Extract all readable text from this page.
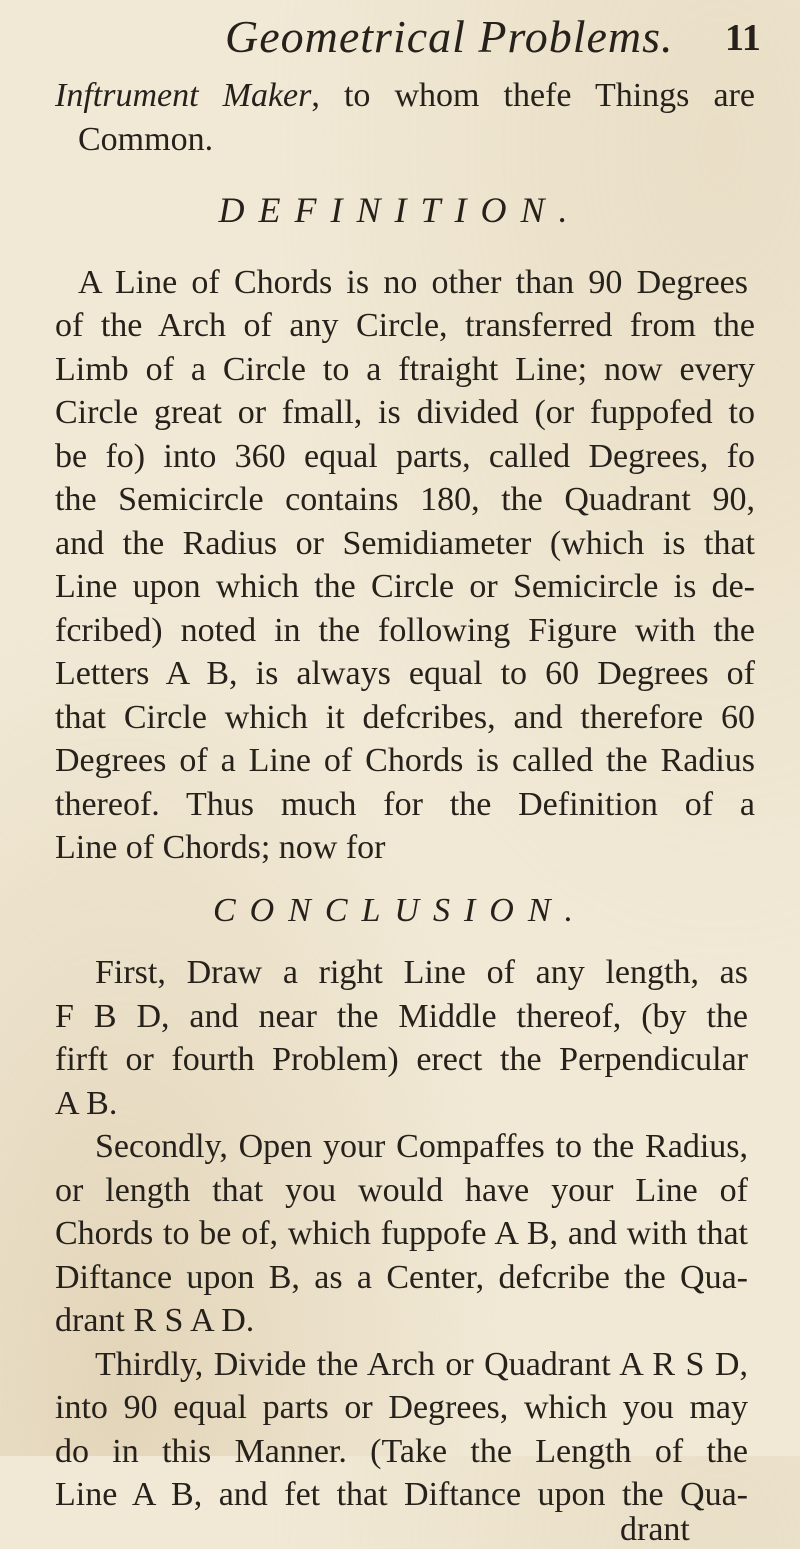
Geometrical Problems. 11
Inftrument Maker, to whom thefe Things are
Common.
DEFINITION.
A Line of Chords is no other than 90 Degrees
of the Arch of any Circle, transferred from the
Limb of a Circle to a ftraight Line; now every
Circle great or fmall, is divided (or fuppofed to
be fo) into 360 equal parts, called Degrees, fo
the Semicircle contains 180, the Quadrant 90,
and the Radius or Semidiameter (which is that
Line upon which the Circle or Semicircle is de-
fcribed) noted in the following Figure with the
Letters A B, is always equal to 60 Degrees of
that Circle which it defcribes, and therefore 60
Degrees of a Line of Chords is called the Radius
thereof. Thus much for the Definition of a
Line of Chords; now for
CONCLUSION.
First, Draw a right Line of any length, as
F B D, and near the Middle thereof, (by the
firft or fourth Problem) erect the Perpendicular
A B.
Secondly, Open your Compaffes to the Radius,
or length that you would have your Line of
Chords to be of, which fuppofe A B, and with that
Diftance upon B, as a Center, defcribe the Qua-
drant R S A D.
Thirdly, Divide the Arch or Quadrant A R S D,
into 90 equal parts or Degrees, which you may
do in this Manner. (Take the Length of the
Line A B, and fet that Diftance upon the Qua-
drant
